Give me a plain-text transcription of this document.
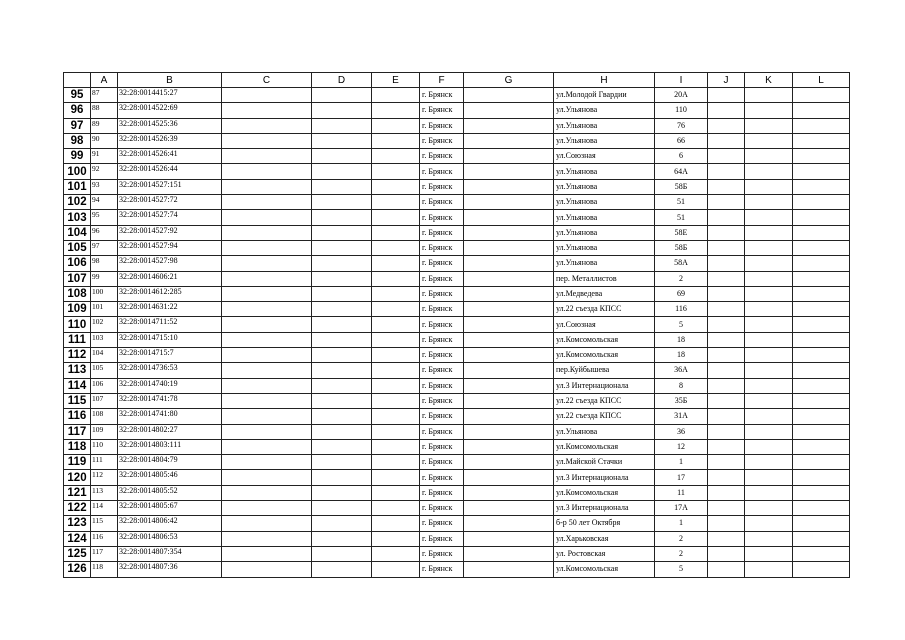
	A	B	C	D	E	F	G	H	I	J	K	L
95	87	32:28:0014415:27				г. Брянск		ул.Молодой Гвардии	20А			
96	88	32:28:0014522:69				г. Брянск		ул.Ульянова	110			
97	89	32:28:0014525:36				г. Брянск		ул.Ульянова	76			
98	90	32:28:0014526:39				г. Брянск		ул.Ульянова	66			
99	91	32:28:0014526:41				г. Брянск		ул.Союзная	6			
100	92	32:28:0014526:44				г. Брянск		ул.Ульянова	64А			
101	93	32:28:0014527:151				г. Брянск		ул.Ульянова	58Б			
102	94	32:28:0014527:72				г. Брянск		ул.Ульянова	51			
103	95	32:28:0014527:74				г. Брянск		ул.Ульянова	51			
104	96	32:28:0014527:92				г. Брянск		ул.Ульянова	58Е			
105	97	32:28:0014527:94				г. Брянск		ул.Ульянова	58Б			
106	98	32:28:0014527:98				г. Брянск		ул.Ульянова	58А			
107	99	32:28:0014606:21				г. Брянск		пер. Металлистов	2			
108	100	32:28:0014612:285				г. Брянск		ул.Медведева	69			
109	101	32:28:0014631:22				г. Брянск		ул.22 съезда КПСС	116			
110	102	32:28:0014711:52				г. Брянск		ул.Союзная	5			
111	103	32:28:0014715:10				г. Брянск		ул.Комсомольская	18			
112	104	32:28:0014715:7				г. Брянск		ул.Комсомольская	18			
113	105	32:28:0014736:53				г. Брянск		пер.Куйбышева	36А			
114	106	32:28:0014740:19				г. Брянск		ул.3 Интернационала	8			
115	107	32:28:0014741:78				г. Брянск		ул.22 съезда КПСС	35Б			
116	108	32:28:0014741:80				г. Брянск		ул.22 съезда КПСС	31А			
117	109	32:28:0014802:27				г. Брянск		ул.Ульянова	36			
118	110	32:28:0014803:111				г. Брянск		ул.Комсомольская	12			
119	111	32:28:0014804:79				г. Брянск		ул.Майской Стачки	1			
120	112	32:28:0014805:46				г. Брянск		ул.3 Интернационала	17			
121	113	32:28:0014805:52				г. Брянск		ул.Комсомольская	11			
122	114	32:28:0014805:67				г. Брянск		ул.3 Интернационала	17А			
123	115	32:28:0014806:42				г. Брянск		б-р 50 лет Октября	1			
124	116	32:28:0014806:53				г. Брянск		ул.Харьковская	2			
125	117	32:28:0014807:354				г. Брянск		ул. Ростовская	2			
126	118	32:28:0014807:36				г. Брянск		ул.Комсомольская	5			
